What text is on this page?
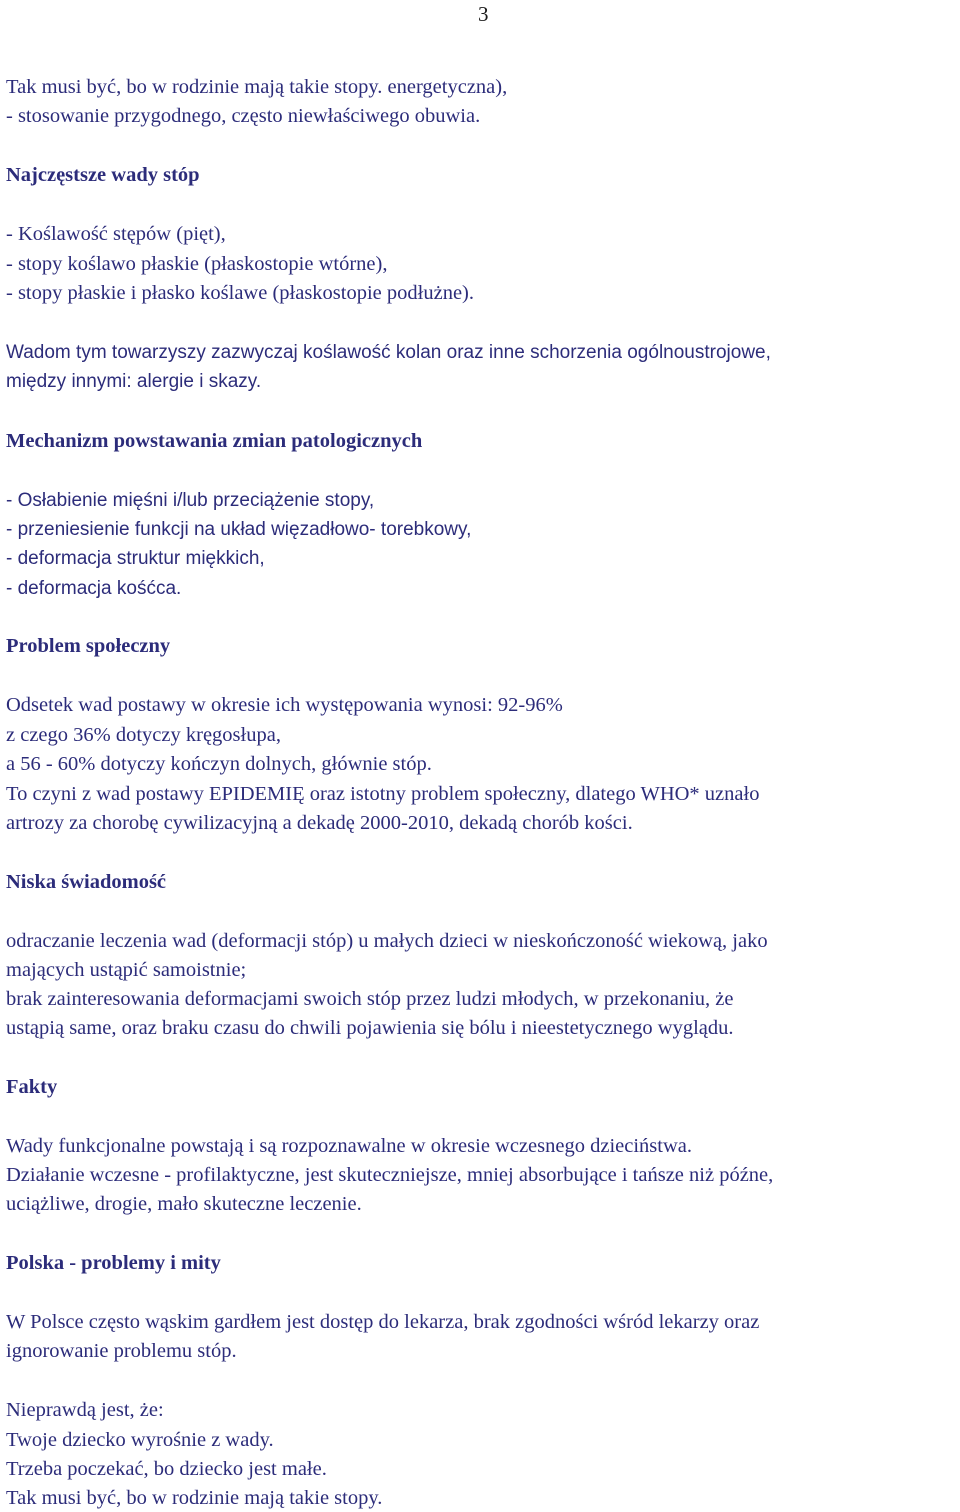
3
Tak musi być, bo w rodzinie mają takie stopy. energetyczna),
- stosowanie przygodnego, często niewłaściwego obuwia.
Najczęstsze wady stóp
- Koślawość stępów (pięt),
- stopy koślawo płaskie (płaskostopie wtórne),
- stopy płaskie i płasko koślawe (płaskostopie podłużne).
Wadom tym towarzyszy zazwyczaj koślawość kolan oraz inne schorzenia ogólnoustrojowe,
między innymi: alergie i skazy.
Mechanizm powstawania zmian patologicznych
- Osłabienie mięśni i/lub przeciążenie stopy,
- przeniesienie funkcji na układ więzadłowo- torebkowy,
- deformacja struktur miękkich,
- deformacja kośćca.
Problem społeczny
Odsetek wad postawy w okresie ich występowania wynosi: 92-96%
z czego 36% dotyczy kręgosłupa,
a 56 - 60% dotyczy kończyn dolnych, głównie stóp.
To czyni z wad postawy EPIDEMIĘ oraz istotny problem społeczny, dlatego WHO* uznało
artrozy za chorobę cywilizacyjną a dekadę 2000-2010, dekadą chorób kości.
Niska świadomość
odraczanie leczenia wad (deformacji stóp) u małych dzieci w nieskończoność wiekową, jako
mających ustąpić samoistnie;
brak zainteresowania deformacjami swoich stóp przez ludzi młodych, w przekonaniu, że
ustąpią same, oraz braku czasu do chwili pojawienia się bólu i nieestetycznego wyglądu.
Fakty
Wady funkcjonalne powstają i są rozpoznawalne w okresie wczesnego dzieciństwa.
Działanie wczesne - profilaktyczne, jest skuteczniejsze, mniej absorbujące i tańsze niż późne,
uciążliwe, drogie, mało skuteczne leczenie.
Polska - problemy i mity
W Polsce często wąskim gardłem jest dostęp do lekarza, brak zgodności wśród lekarzy oraz
ignorowanie problemu stóp.
Nieprawdą jest, że:
Twoje dziecko wyrośnie z wady.
Trzeba poczekać, bo dziecko jest małe.
Tak musi być, bo w rodzinie mają takie stopy.
